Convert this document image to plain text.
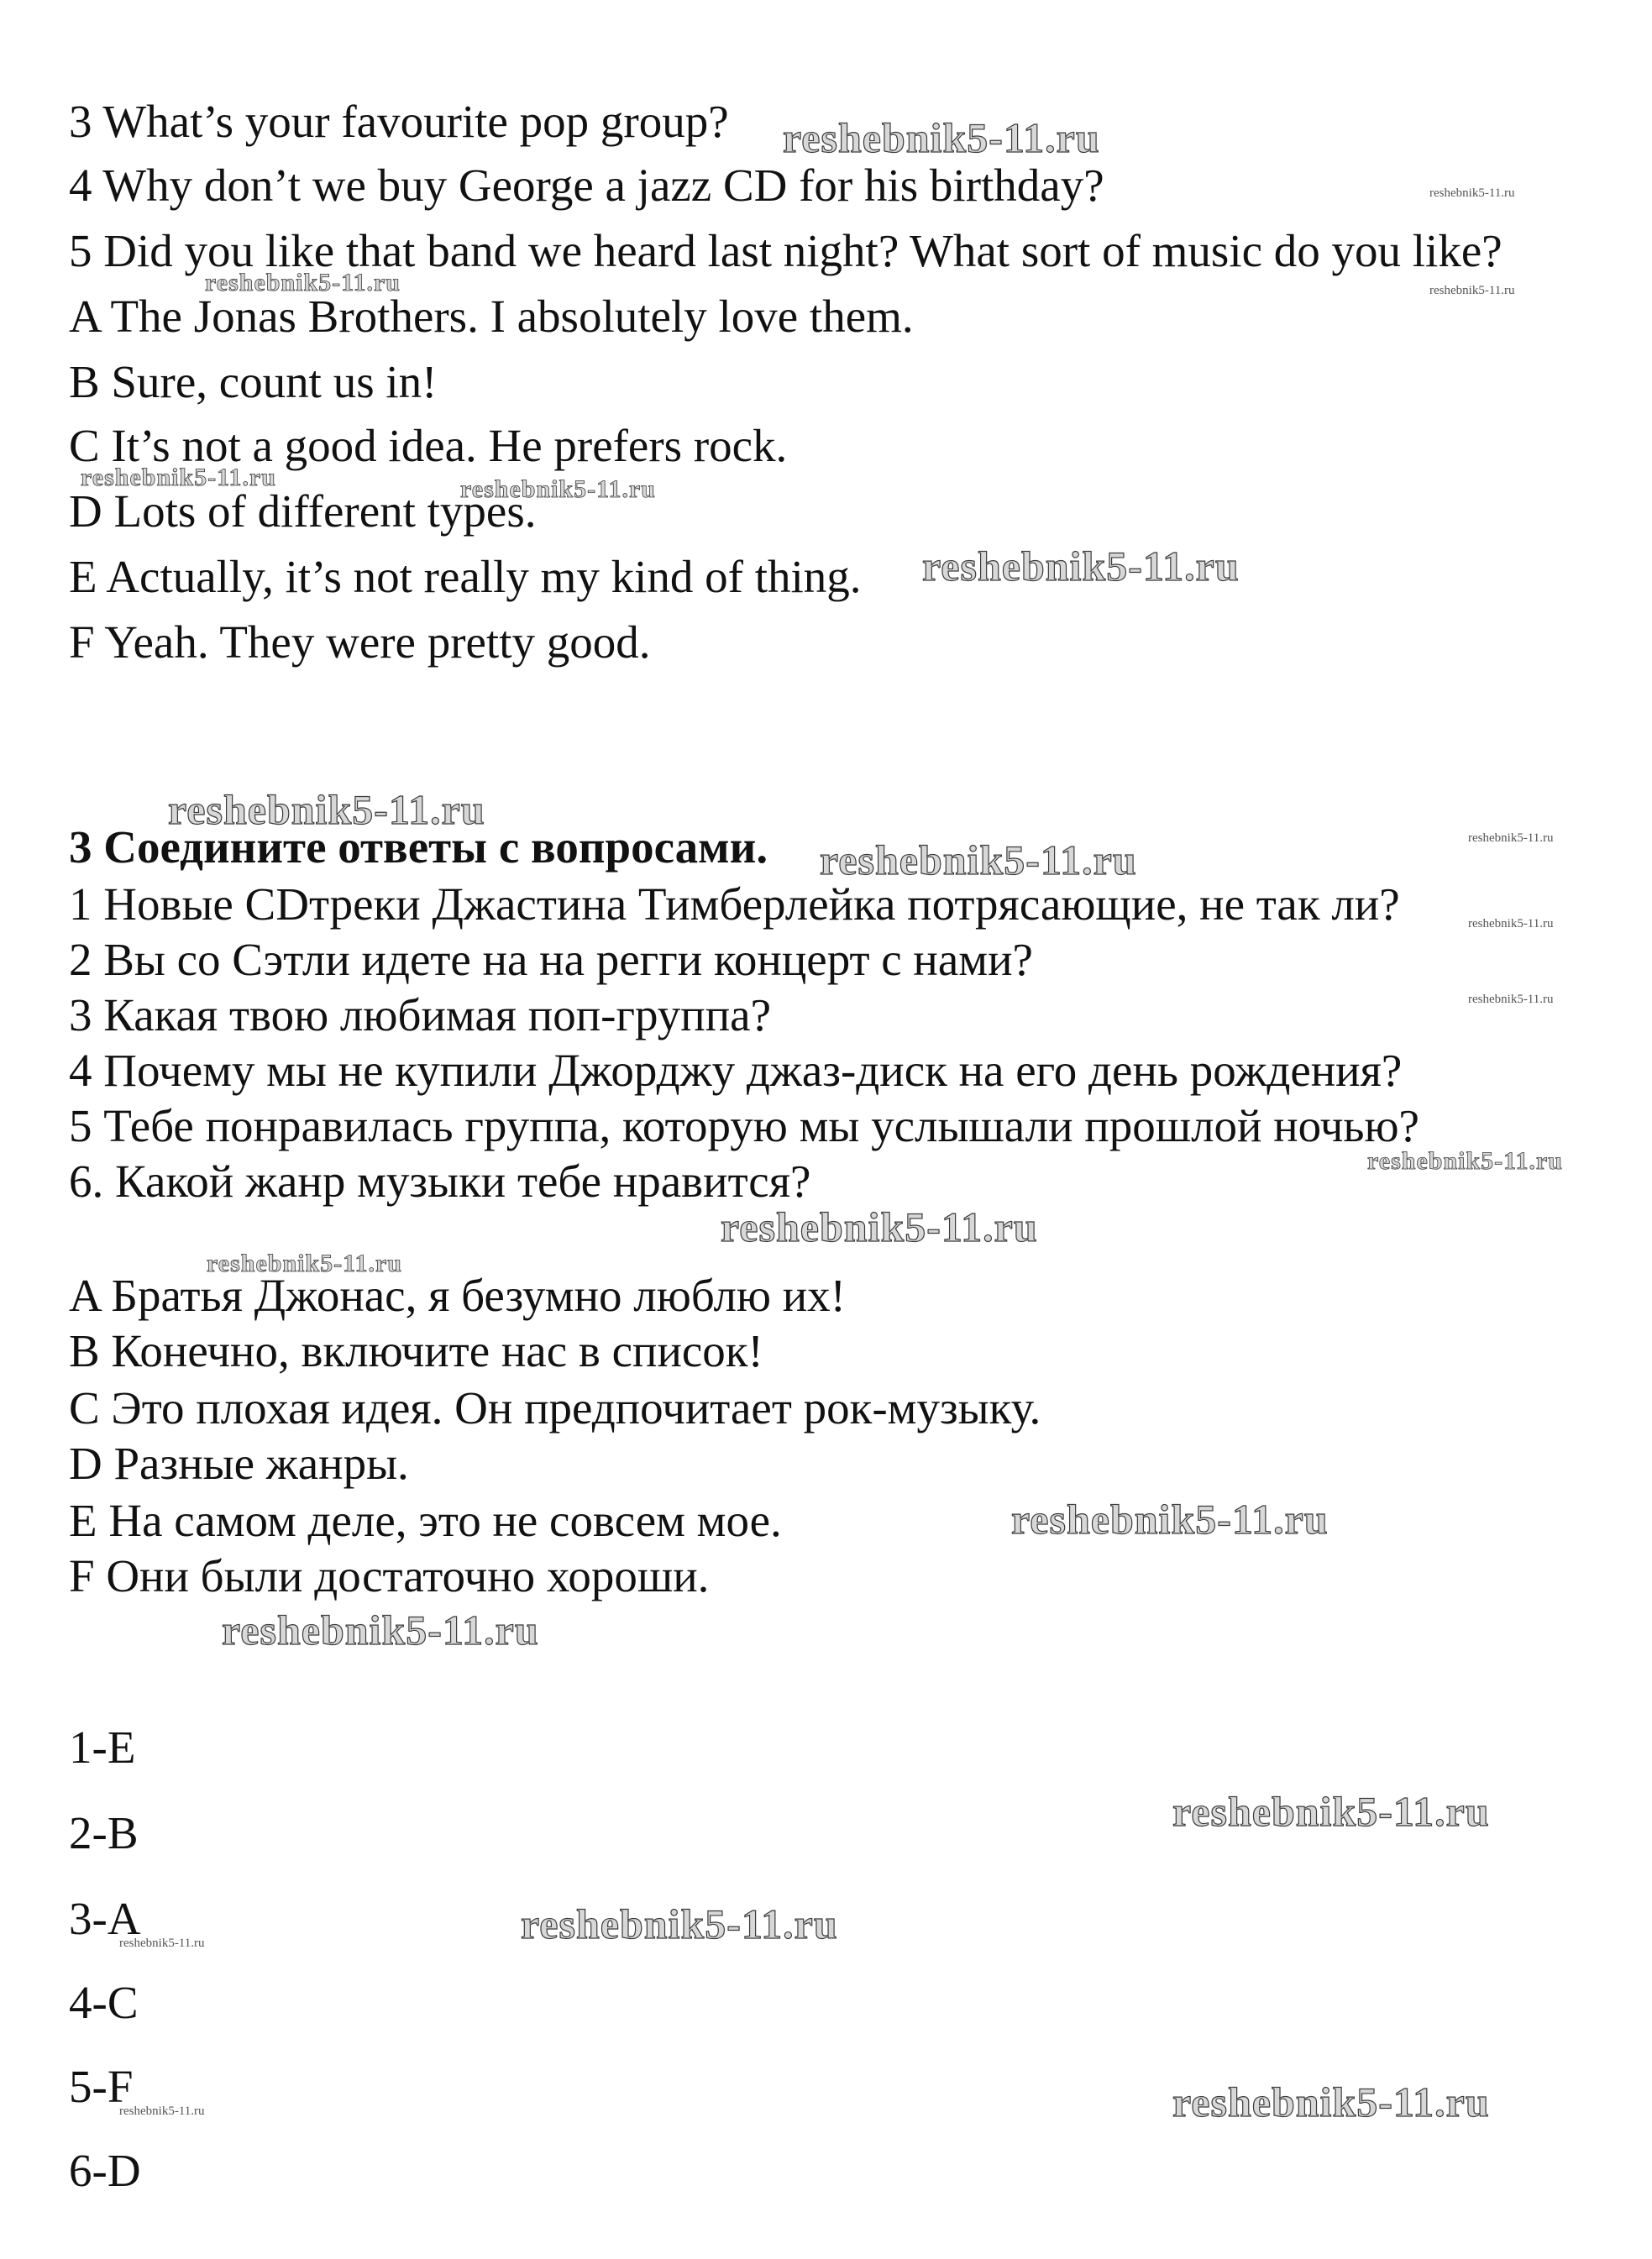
3 What’s your favourite pop group?
4 Why don’t we buy George a jazz CD for his birthday?
5 Did you like that band we heard last night? What sort of music do you like?
A The Jonas Brothers. I absolutely love them.
B Sure, count us in!
C It’s not a good idea. He prefers rock.
D Lots of different types.
E Actually, it’s not really my kind of thing.
F Yeah. They were pretty good.
3 Соедините ответы с вопросами.
1 Новые CDтреки Джастина Тимберлейка потрясающие, не так ли?
2 Вы со Сэтли идете на на регги концерт с нами?
3 Какая твою любимая поп-группа?
4 Почему мы не купили Джорджу джаз-диск на его день рождения?
5 Тебе понравилась группа, которую мы услышали прошлой ночью?
6. Какой жанр музыки тебе нравится?
A Братья Джонас, я безумно люблю их!
B Конечно, включите нас в список!
C Это плохая идея. Он предпочитает рок-музыку.
D Разные жанры.
E На самом деле, это не совсем мое.
F Они были достаточно хороши.
1-E
2-B
3-A
4-C
5-F
6-D
reshebnik5-11.ru
reshebnik5-11.ru
reshebnik5-11.ru	reshebnik5-11.ru
reshebnik5-11.ru	reshebnik5-11.ru
reshebnik5-11.ru
reshebnik5-11.ru
reshebnik5-11.ru	reshebnik5-11.ru
reshebnik5-11.ru
reshebnik5-11.ru
reshebnik5-11.ru
reshebnik5-11.ru
reshebnik5-11.ru
reshebnik5-11.ru
reshebnik5-11.ru
reshebnik5-11.ru
reshebnik5-11.ru
reshebnik5-11.ru
reshebnik5-11.ru	reshebnik5-11.ru
